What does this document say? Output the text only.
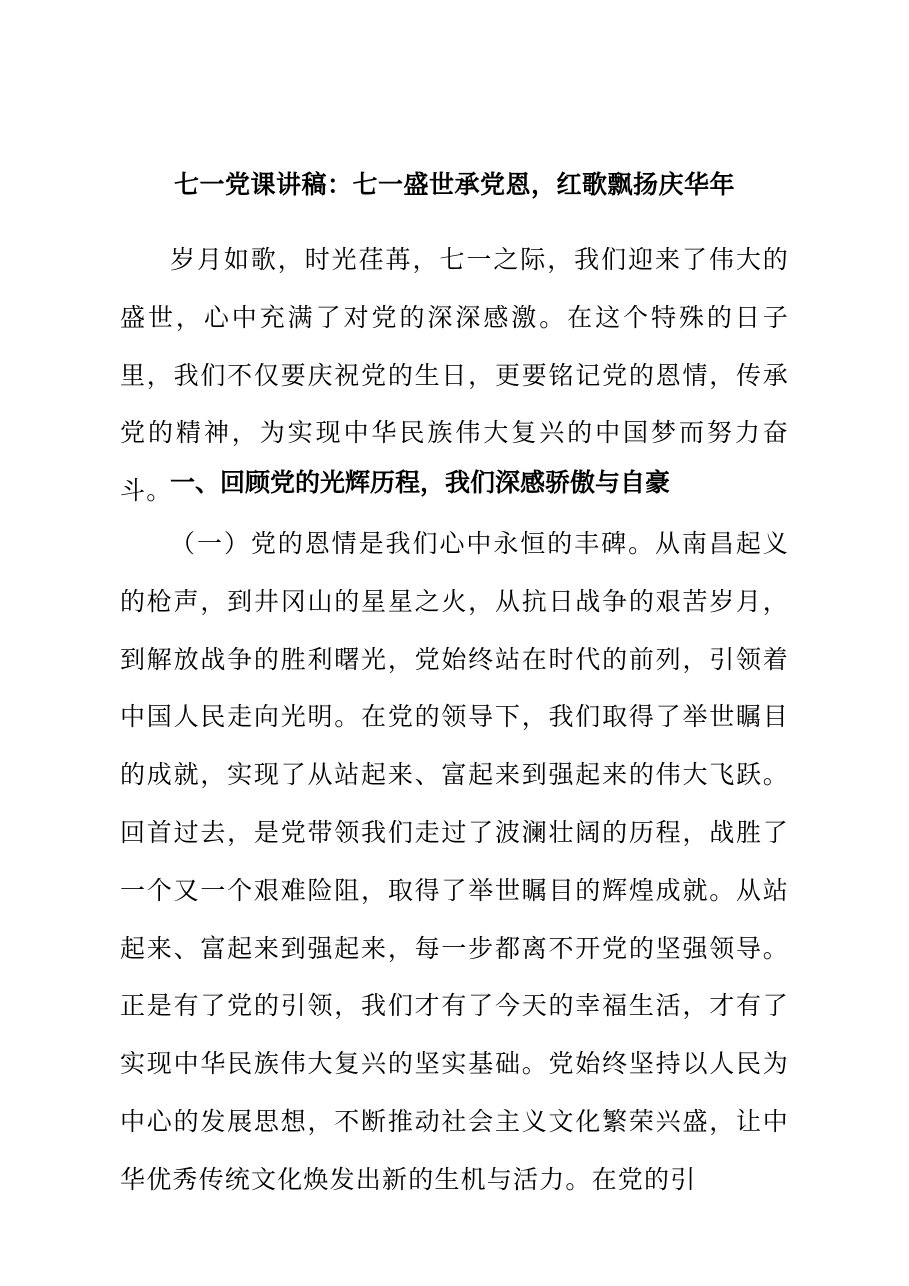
七一党课讲稿：七一盛世承党恩，红歌飘扬庆华年

岁月如歌，时光荏苒，七一之际，我们迎来了伟大的盛世，心中充满了对党的深深感激。在这个特殊的日子里，我们不仅要庆祝党的生日，更要铭记党的恩情，传承党的精神，为实现中华民族伟大复兴的中国梦而努力奋斗。

一、回顾党的光辉历程，我们深感骄傲与自豪

（一）党的恩情是我们心中永恒的丰碑。从南昌起义的枪声，到井冈山的星星之火，从抗日战争的艰苦岁月，到解放战争的胜利曙光，党始终站在时代的前列，引领着中国人民走向光明。在党的领导下，我们取得了举世瞩目的成就，实现了从站起来、富起来到强起来的伟大飞跃。回首过去，是党带领我们走过了波澜壮阔的历程，战胜了一个又一个艰难险阻，取得了举世瞩目的辉煌成就。从站起来、富起来到强起来，每一步都离不开党的坚强领导。正是有了党的引领，我们才有了今天的幸福生活，才有了实现中华民族伟大复兴的坚实基础。党始终坚持以人民为中心的发展思想，不断推动社会主义文化繁荣兴盛，让中华优秀传统文化焕发出新的生机与活力。在党的引
